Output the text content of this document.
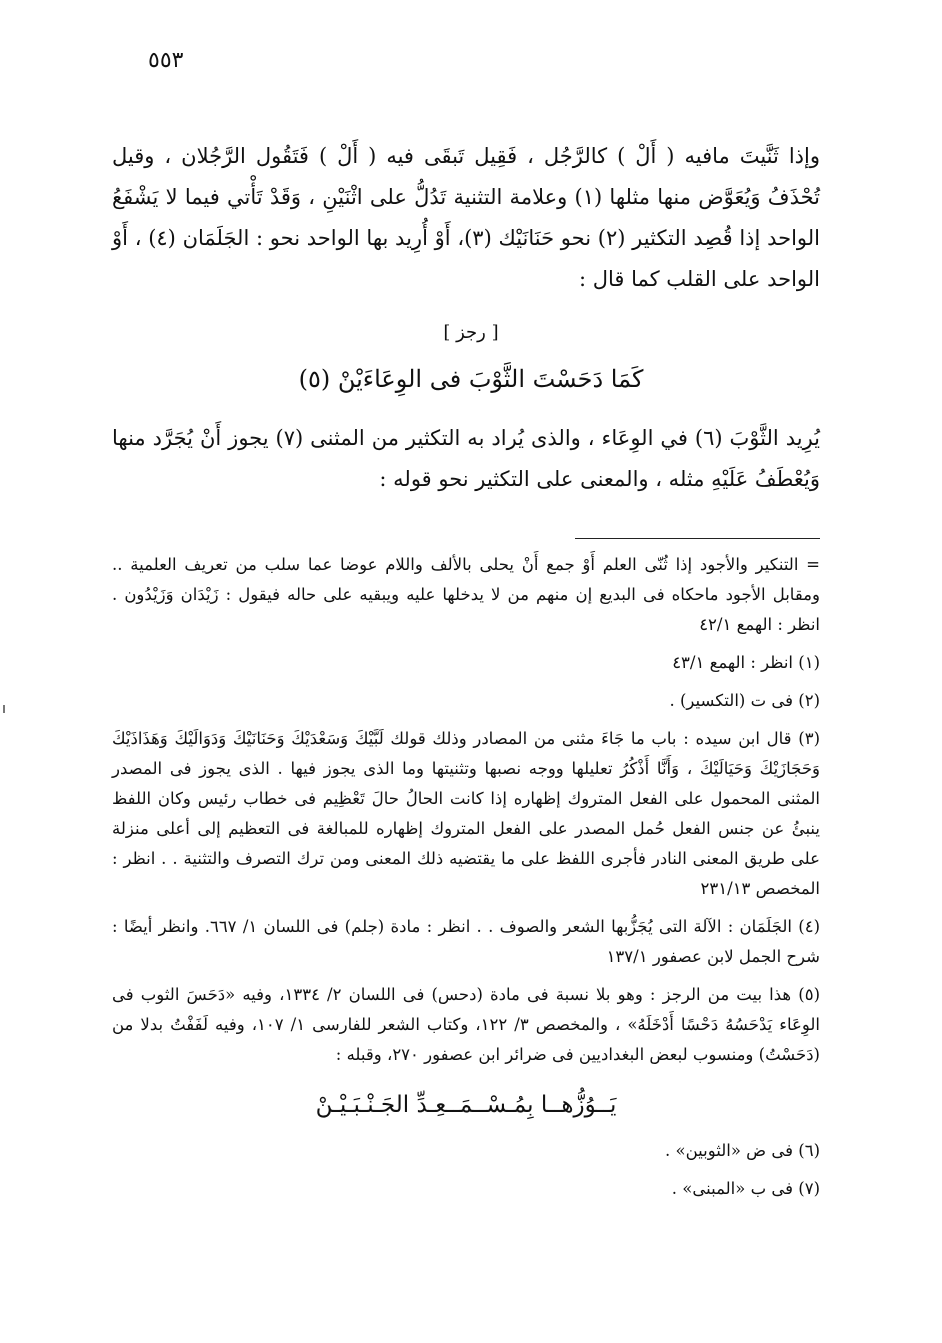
٥٥٣

وإذا ثَنَّيتَ مافيه ( أَلْ ) كالرَّجُل ، فَقِيل تَبقَى فيه ( أَلْ ) فَتَقُول الرَّجُلان ، وقيل تُحْذَفُ وَيُعَوَّض منها مثلها (١) وعلامة التثنية تَدُلُّ على اثْنَيْنِ ، وَقَدْ تَأْتي فيما لا يَشْفَعُ الواحد إذا قُصِد التكثير (٢) نحو حَنَانَيْك (٣)، أَوْ أُرِيد بها الواحد نحو : الجَلَمَان (٤) ، أَوْ الواحد على القلب كما قال :

[ رجز ]
كَمَا دَحَسْتَ الثَّوْبَ فى الوِعَاءَيْنْ (٥)

يُرِيد الثَّوْبَ (٦) في الوِعَاء ، والذى يُراد به التكثير من المثنى (٧) يجوز أَنْ يُجَرَّد منها وَيُعْطَفُ عَلَيْهِ مثله ، والمعنى على التكثير نحو قوله :

= التنكير والأجود إذا ثُنّى العلم أَوْ جمع أَنْ يحلى بالألف واللام عوضا عما سلب من تعريف العلمية .. ومقابل الأجود ماحكاه فى البديع إن منهم من لا يدخلها عليه ويبقيه على حاله فيقول : زَيْدَان وَزَيْدُون . انظر : الهمع ٤٢/١

(١) انظر : الهمع ٤٣/١

(٢) فى ت (التكسير) .

(٣) قال ابن سيده : باب ما جَاءَ مثنى من المصادر وذلك قولك لَبَّيْكَ وَسَعْدَيْكَ وَحَنَانَيْكَ وَدَوَالَيْكَ وَهَذَاذَيْكَ وَحَجَازَيْكَ وَحَيَالَيْكَ ، وَأَنَّا أَذْكُرُ تعليلها ووجه نصبها وتثنيتها وما الذى يجوز فيها . الذى يجوز فى المصدر المثنى المحمول على الفعل المتروك إظهاره إذا كانت الحالُ حالَ تَعْظِيم فى خطاب رئيس وكان اللفظ ينبئُ عن جنس الفعل حُمل المصدر على الفعل المتروك إظهاره للمبالغة فى التعظيم إلى أعلى منزلة على طريق المعنى النادر فأجرى اللفظ على ما يقتضيه ذلك المعنى ومن ترك التصرف والتثنية . . انظر : المخصص ٢٣١/١٣

(٤) الجَلَمَان : الآلة التى يُجَزُّبها الشعر والصوف . . انظر : مادة (جلم) فى اللسان ١/ ٦٦٧. وانظر أيضًا : شرح الجمل لابن عصفور ١٣٧/١

(٥) هذا بيت من الرجز : وهو بلا نسبة فى مادة (دحس) فى اللسان ٢/ ١٣٣٤، وفيه «دَحَسَ الثوب فى الوِعَاء يَدْحَسُهُ دَحْسًا أَدْخَلَهُ» ، والمخصص ٣/ ١٢٢، وكتاب الشعر للفارسى ١/ ١٠٧، وفيه لَفَفْتُ بدلا من (دَحَسْتُ) ومنسوب لبعض البغداديين فى ضرائر ابن عصفور ٢٧٠، وقبله :

يَــوُزُّهــا بِمُـسْــمَــعِـدِّ الجَـنْـبَـيْـنْ

(٦) فى ض «الثوبين» .

(٧) فى ب «المبنى» .
